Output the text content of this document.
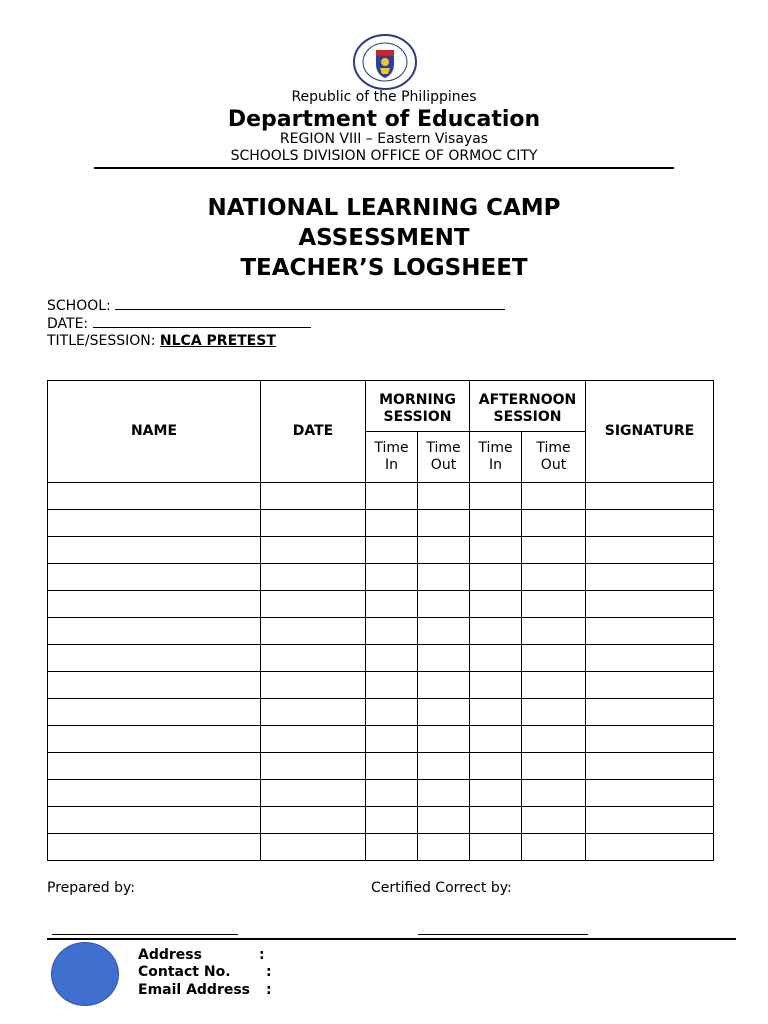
Republic of the Philippines
Department of Education
REGION VIII – Eastern Visayas
SCHOOLS DIVISION OFFICE OF ORMOC CITY
NATIONAL LEARNING CAMP
ASSESSMENT
TEACHER’S LOGSHEET
SCHOOL:
DATE:
TITLE/SESSION: NLCA PRETEST
NAME	DATE	MORNING SESSION		AFTERNOON SESSION		SIGNATURE
		Time In	Time Out	Time In	Time Out	

Prepared by:	Certified Correct by:
Address
Contact No.
Email Address
:
:
:
